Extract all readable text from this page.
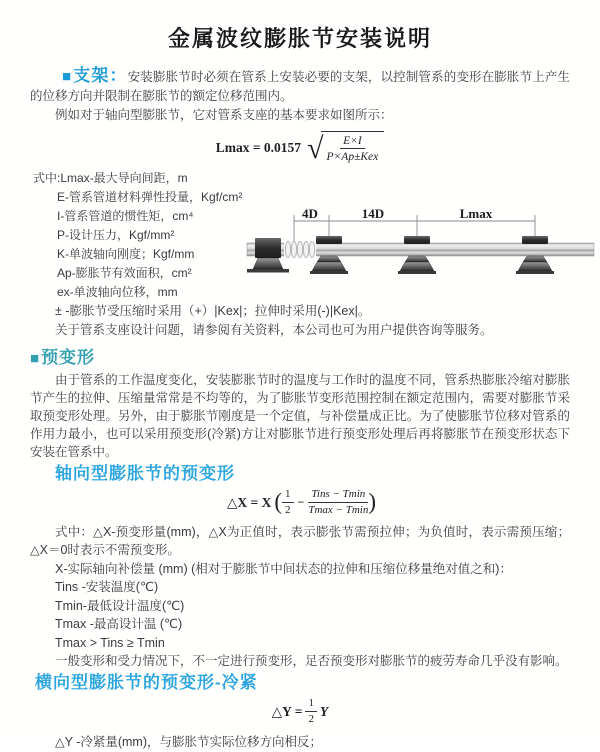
金属波纹膨胀节安装说明

■支架：安装膨胀节时必须在管系上安装必要的支架，以控制管系的变形在膨胀节上产生的位移方向并限制在膨胀节的额定位移范围内。

例如对于轴向型膨胀节，它对管系支座的基本要求如图所示：

Lmax = 0.0157 √ $\frac{E\times I}{\text{P×Ap±Kex}}$
式中:Lmax-最大导向间距，m
E-管系管道材料弹性投量，Kgf/cm²
I-管系管道的惯性矩，cm⁴
P-设计压力，Kgf/mm²
K-单波轴向刚度；Kgf/mm
Ap-膨胀节有效面积，cm²
ex-单波轴向位移，mm
4D	14D	Lmax

± -膨胀节受压缩时采用（+）|Kex|；拉伸时采用(-)|Kex|。

关于管系支座设计问题，请参阅有关资料，本公司也可为用户提供咨询等服务。

■预变形

由于管系的工作温度变化，安装膨胀节时的温度与工作时的温度不同，管系热膨胀冷缩对膨胀节产生的拉伸、压缩量常常是不均等的，为了膨胀节变形范围控制在额定范围内，需要对膨胀节采取预变形处理。另外，由于膨胀节刚度是一个定值，与补偿量成正比。为了使膨胀节位移对管系的作用力最小，也可以采用预变形(冷紧)方让对膨胀节进行预变形处理后再将膨胀节在预变形状态下安装在管系中。

轴向型膨胀节的预变形
△X = X ( $\frac{1}{2} - \frac{\text{Tins − Tmin}}{Tmax - Tmin}$ )

式中：△X-预变形量(mm)，△X为正值时，表示膨张节需预拉伸；为负值时，表示需预压缩；△X＝0时表示不需预变形。

X-实际轴向补偿量 (mm) (相对于膨胀节中间状态的拉伸和压缩位移量绝对值之和)：
Tins -安装温度(℃)
Tmin-最低设计温度(℃)
Tmax -最高设计温 (℃)
Tmax > Tins ≥ Tmin
一般变形和受力情况下，不一定进行预变形，足否预变形对膨胀节的疲劳寿命几乎没有影响。
横向型膨胀节的预变形-冷紧
△Y = $\frac{1}{2}$ Y

△Y -冷紧量(mm)，与膨胀节实际位移方向相反；
